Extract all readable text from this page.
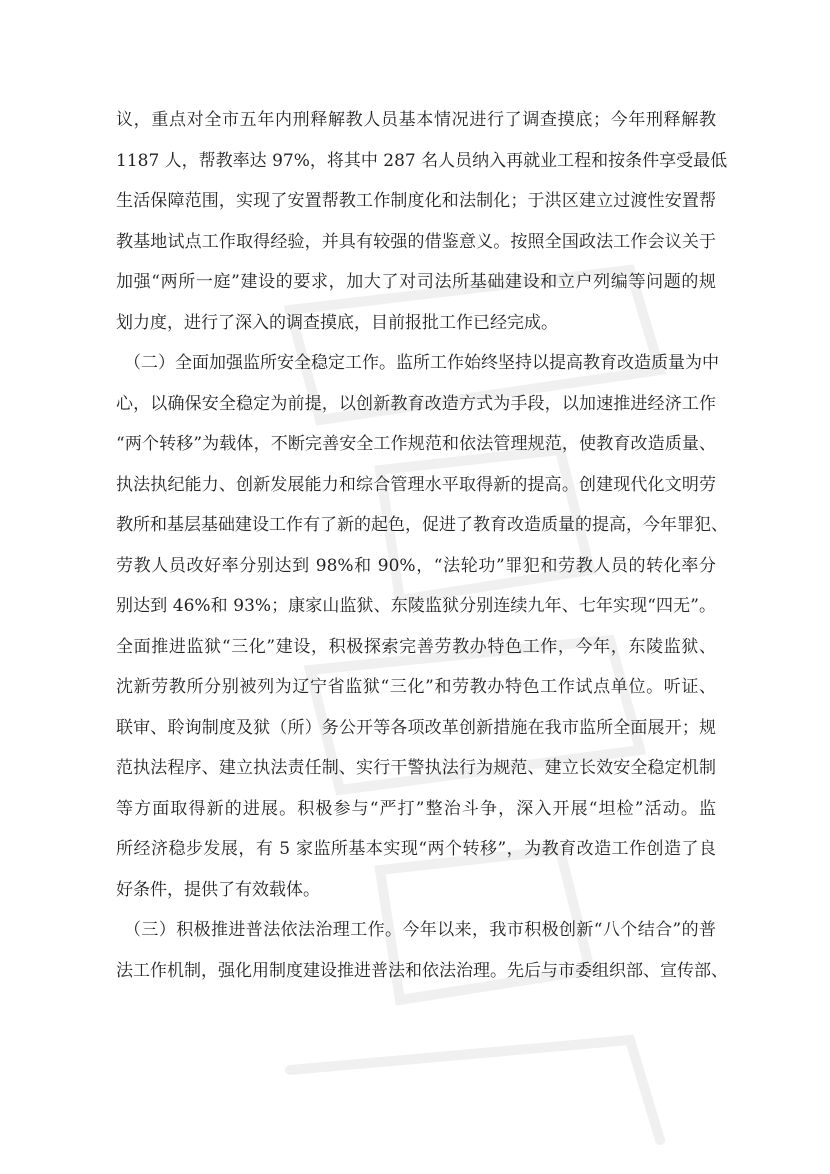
议，重点对全市五年内刑释解教人员基本情况进行了调查摸底；今年刑释解教
1187 人，帮教率达 97%，将其中 287 名人员纳入再就业工程和按条件享受最低
生活保障范围，实现了安置帮教工作制度化和法制化；于洪区建立过渡性安置帮
教基地试点工作取得经验，并具有较强的借鉴意义。按照全国政法工作会议关于
加强“两所一庭”建设的要求，加大了对司法所基础建设和立户列编等问题的规
划力度，进行了深入的调查摸底，目前报批工作已经完成。
（二）全面加强监所安全稳定工作。监所工作始终坚持以提高教育改造质量为中
心，以确保安全稳定为前提，以创新教育改造方式为手段，以加速推进经济工作
“两个转移”为载体，不断完善安全工作规范和依法管理规范，使教育改造质量、
执法执纪能力、创新发展能力和综合管理水平取得新的提高。创建现代化文明劳
教所和基层基础建设工作有了新的起色，促进了教育改造质量的提高，今年罪犯、
劳教人员改好率分别达到 98%和 90%，“法轮功”罪犯和劳教人员的转化率分
别达到 46%和 93%；康家山监狱、东陵监狱分别连续九年、七年实现“四无”。
全面推进监狱“三化”建设，积极探索完善劳教办特色工作，今年，东陵监狱、
沈新劳教所分别被列为辽宁省监狱“三化”和劳教办特色工作试点单位。听证、
联审、聆询制度及狱（所）务公开等各项改革创新措施在我市监所全面展开；规
范执法程序、建立执法责任制、实行干警执法行为规范、建立长效安全稳定机制
等方面取得新的进展。积极参与“严打”整治斗争，深入开展“坦检”活动。监
所经济稳步发展，有 5 家监所基本实现“两个转移”，为教育改造工作创造了良
好条件，提供了有效载体。
（三）积极推进普法依法治理工作。今年以来，我市积极创新“八个结合”的普
法工作机制，强化用制度建设推进普法和依法治理。先后与市委组织部、宣传部、
